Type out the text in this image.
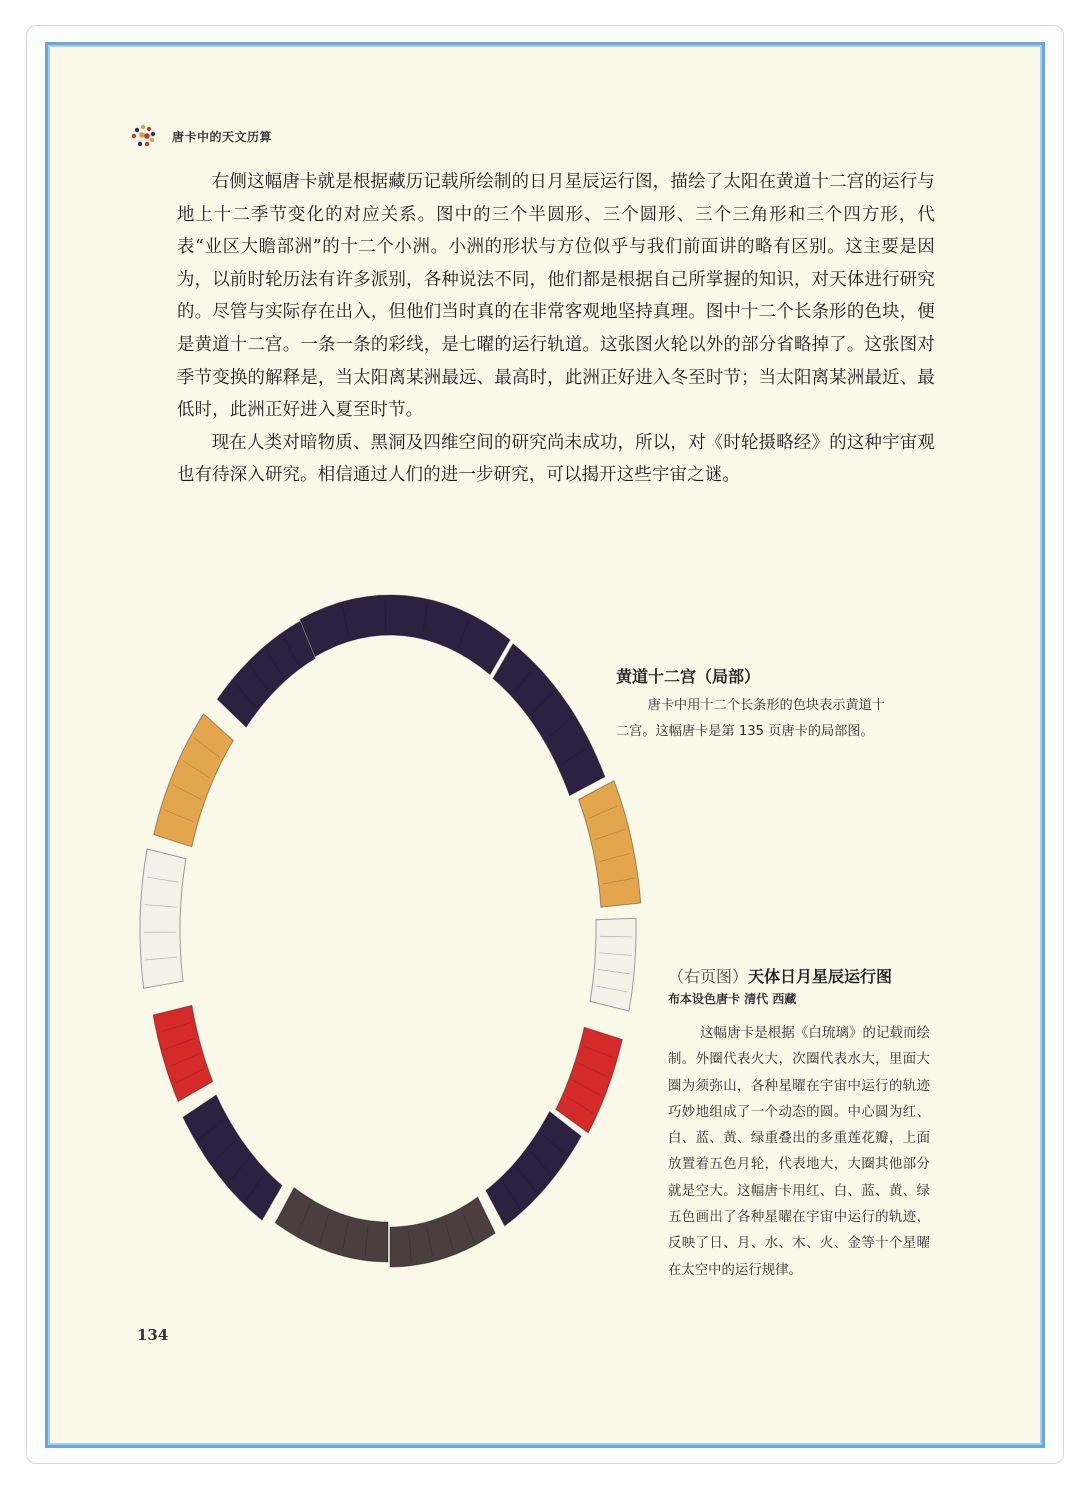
唐卡中的天文历算

右侧这幅唐卡就是根据藏历记载所绘制的日月星辰运行图，描绘了太阳在黄道十二宫的运行与地上十二季节变化的对应关系。图中的三个半圆形、三个圆形、三个三角形和三个四方形，代表“业区大瞻部洲”的十二个小洲。小洲的形状与方位似乎与我们前面讲的略有区别。这主要是因为，以前时轮历法有许多派别，各种说法不同，他们都是根据自己所掌握的知识，对天体进行研究的。尽管与实际存在出入，但他们当时真的在非常客观地坚持真理。图中十二个长条形的色块，便是黄道十二宫。一条一条的彩线，是七曜的运行轨道。这张图火轮以外的部分省略掉了。这张图对季节变换的解释是，当太阳离某洲最远、最高时，此洲正好进入冬至时节；当太阳离某洲最近、最低时，此洲正好进入夏至时节。

现在人类对暗物质、黑洞及四维空间的研究尚未成功，所以，对《时轮摄略经》的这种宇宙观也有待深入研究。相信通过人们的进一步研究，可以揭开这些宇宙之谜。

黄道十二宫（局部）

唐卡中用十二个长条形的色块表示黄道十二宫。这幅唐卡是第 135 页唐卡的局部图。

（右页图）天体日月星辰运行图
布本设色唐卡 清代 西藏

这幅唐卡是根据《白琉璃》的记载而绘制。外圈代表火大，次圈代表水大，里面大圈为须弥山，各种星曜在宇宙中运行的轨迹巧妙地组成了一个动态的圆。中心圆为红、白、蓝、黄、绿重叠出的多重莲花瓣，上面放置着五色月轮，代表地大，大圈其他部分就是空大。这幅唐卡用红、白、蓝、黄、绿五色画出了各种星曜在宇宙中运行的轨迹，反映了日、月、水、木、火、金等十个星曜在太空中的运行规律。

134
